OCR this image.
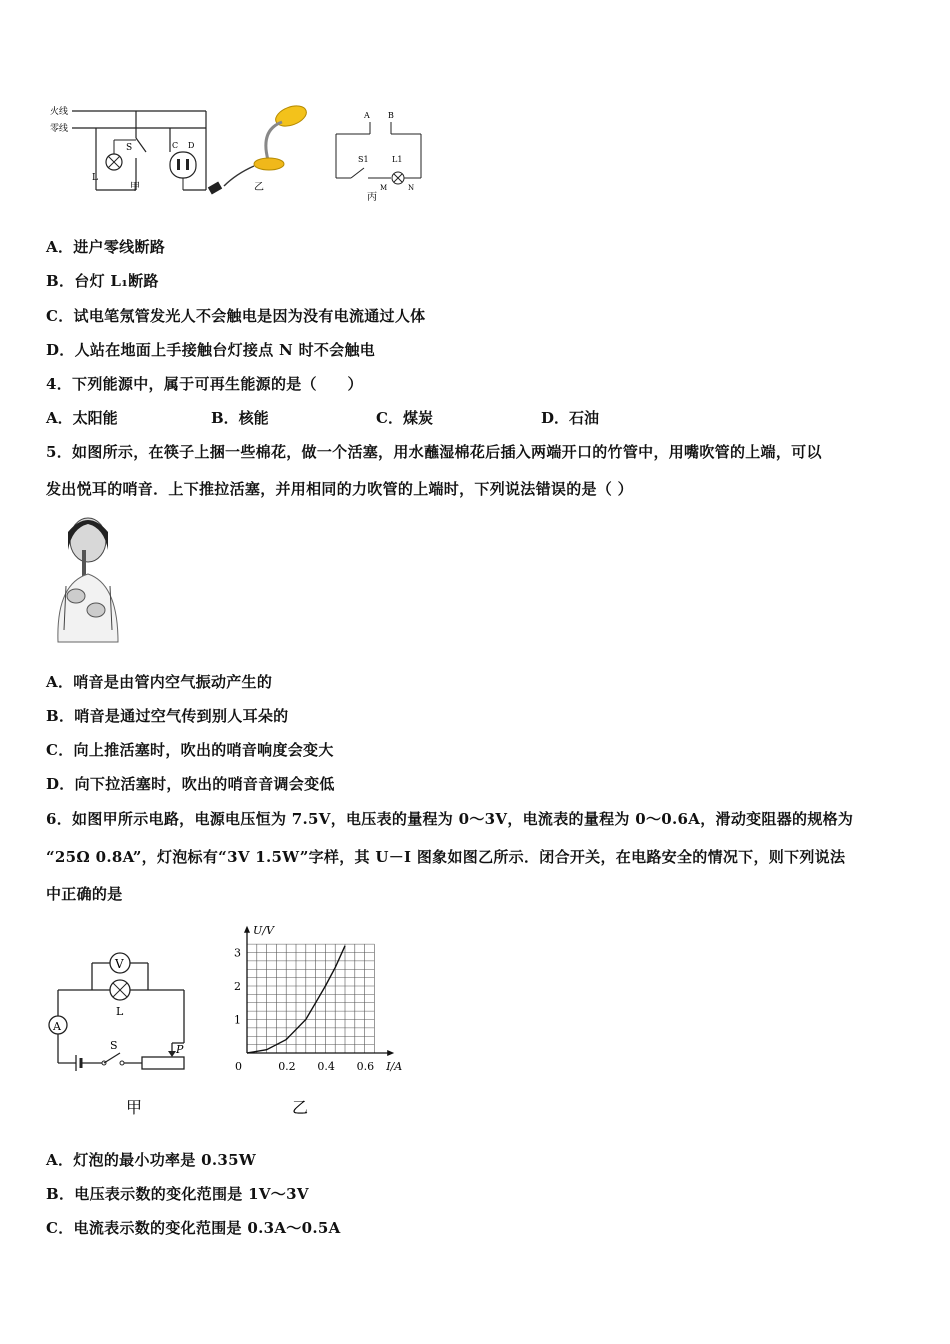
火线
零线
S
L
C D
甲	乙
A B
S1	L1
M	N
丙
A．进户零线断路
B．台灯 L₁断路
C．试电笔氖管发光人不会触电是因为没有电流通过人体
D．人站在地面上手接触台灯接点 N 时不会触电
4．下列能源中，属于可再生能源的是（　　）
A．太阳能	B．核能	C．煤炭	D．石油
5．如图所示，在筷子上捆一些棉花，做一个活塞，用水蘸湿棉花后插入两端开口的竹管中，用嘴吹管的上端，可以
发出悦耳的哨音．上下推拉活塞，并用相同的力吹管的上端时，下列说法错误的是（ ）
A．哨音是由管内空气振动产生的
B．哨音是通过空气传到别人耳朵的
C．向上推活塞时，吹出的哨音响度会变大
D．向下拉活塞时，吹出的哨音音调会变低
6．如图甲所示电路，电源电压恒为 7.5V，电压表的量程为 0～3V，电流表的量程为 0～0.6A，滑动变阻器的规格为
“25Ω 0.8A”，灯泡标有“3V 1.5W”字样，其 U－I 图象如图乙所示．闭合开关，在电路安全的情况下，则下列说法
中正确的是
V
L
A
S	P
甲
U/V
I/A
0	0.2 0.4 0.6
1
2
3
乙
A．灯泡的最小功率是 0.35W
B．电压表示数的变化范围是 1V～3V
C．电流表示数的变化范围是 0.3A～0.5A
